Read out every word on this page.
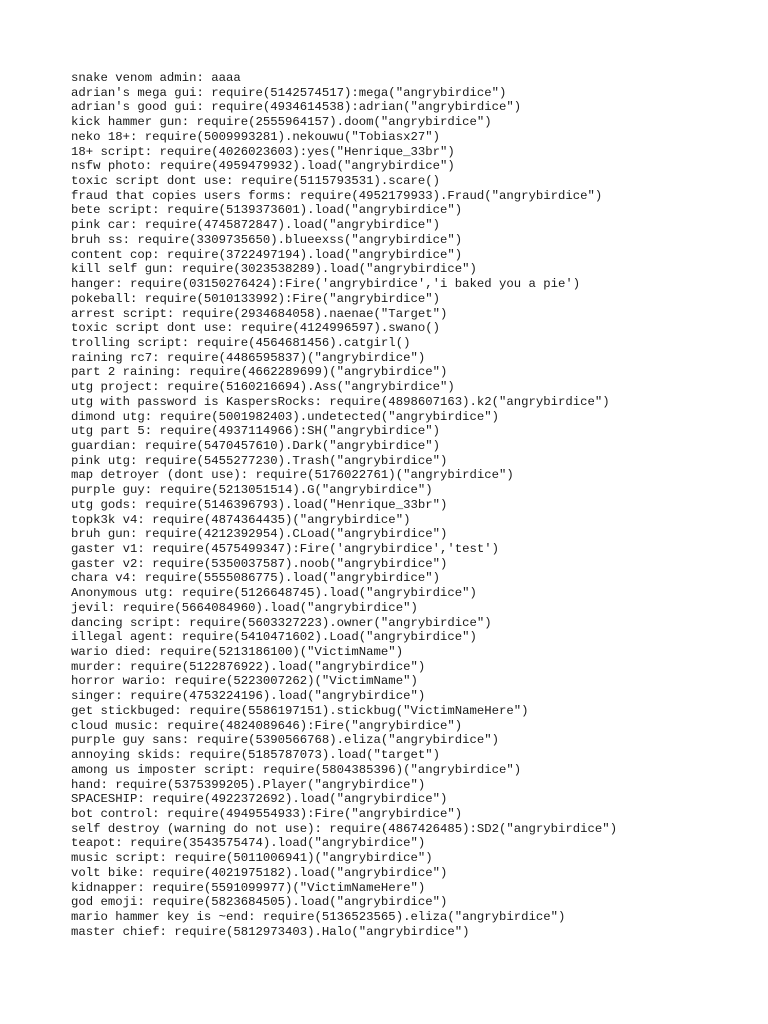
snake venom admin: aaaa
adrian's mega gui: require(5142574517):mega("angrybirdice")
adrian's good gui: require(4934614538):adrian("angrybirdice")
kick hammer gun: require(2555964157).doom("angrybirdice")
neko 18+: require(5009993281).nekouwu("Tobiasx27")
18+ script: require(4026023603):yes("Henrique_33br")
nsfw photo: require(4959479932).load("angrybirdice")
toxic script dont use: require(5115793531).scare()
fraud that copies users forms: require(4952179933).Fraud("angrybirdice")
bete script: require(5139373601).load("angrybirdice")
pink car: require(4745872847).load("angrybirdice")
bruh ss: require(3309735650).blueexss("angrybirdice")
content cop: require(3722497194).load("angrybirdice")
kill self gun: require(3023538289).load("angrybirdice")
hanger: require(03150276424):Fire('angrybirdice','i baked you a pie')
pokeball: require(5010133992):Fire("angrybirdice")
arrest script: require(2934684058).naenae("Target")
toxic script dont use: require(4124996597).swano()
trolling script: require(4564681456).catgirl()
raining rc7: require(4486595837)("angrybirdice")
part 2 raining: require(4662289699)("angrybirdice")
utg project: require(5160216694).Ass("angrybirdice")
utg with password is KaspersRocks: require(4898607163).k2("angrybirdice")
dimond utg: require(5001982403).undetected("angrybirdice")
utg part 5: require(4937114966):SH("angrybirdice")
guardian: require(5470457610).Dark("angrybirdice")
pink utg: require(5455277230).Trash("angrybirdice")
map detroyer (dont use): require(5176022761)("angrybirdice")
purple guy: require(5213051514).G("angrybirdice")
utg gods: require(5146396793).load("Henrique_33br")
topk3k v4: require(4874364435)("angrybirdice")
bruh gun: require(4212392954).CLoad("angrybirdice")
gaster v1: require(4575499347):Fire('angrybirdice','test')
gaster v2: require(5350037587).noob("angrybirdice")
chara v4: require(5555086775).load("angrybirdice")
Anonymous utg: require(5126648745).load("angrybirdice")
jevil: require(5664084960).load("angrybirdice")
dancing script: require(5603327223).owner("angrybirdice")
illegal agent: require(5410471602).Load("angrybirdice")
wario died: require(5213186100)("VictimName")
murder: require(5122876922).load("angrybirdice")
horror wario: require(5223007262)("VictimName")
singer: require(4753224196).load("angrybirdice")
get stickbuged: require(5586197151).stickbug("VictimNameHere")
cloud music: require(4824089646):Fire("angrybirdice")
purple guy sans: require(5390566768).eliza("angrybirdice")
annoying skids: require(5185787073).load("target")
among us imposter script: require(5804385396)("angrybirdice")
hand: require(5375399205).Player("angrybirdice")
SPACESHIP: require(4922372692).load("angrybirdice")
bot control: require(4949554933):Fire("angrybirdice")
self destroy (warning do not use): require(4867426485):SD2("angrybirdice")
teapot: require(3543575474).load("angrybirdice")
music script: require(5011006941)("angrybirdice")
volt bike: require(4021975182).load("angrybirdice")
kidnapper: require(5591099977)("VictimNameHere")
god emoji: require(5823684505).load("angrybirdice")
mario hammer key is ~end: require(5136523565).eliza("angrybirdice")
master chief: require(5812973403).Halo("angrybirdice")
